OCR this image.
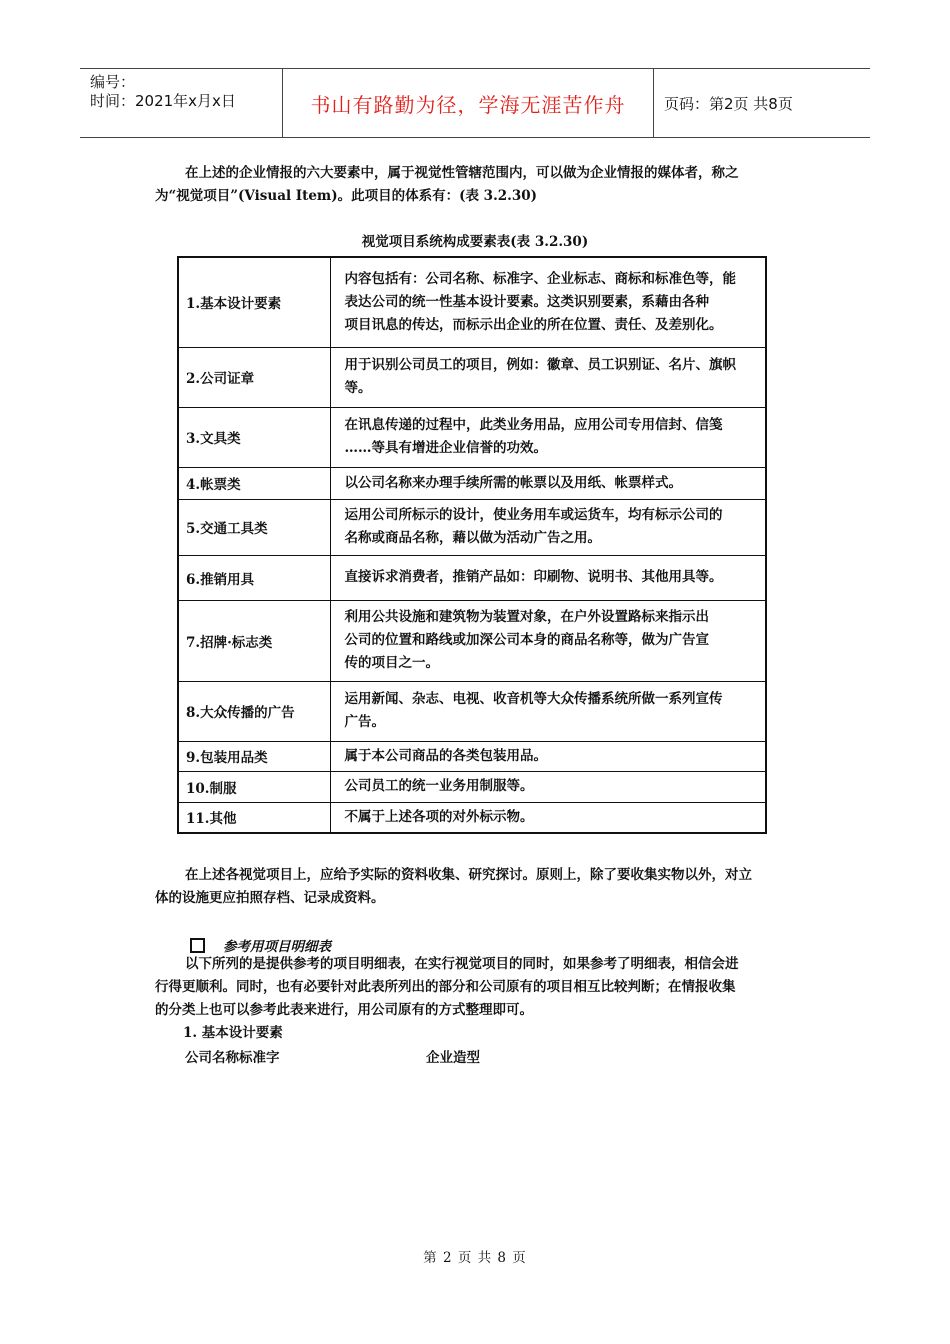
编号：
时间：2021年x月x日	书山有路勤为径，学海无涯苦作舟	页码：第2页 共8页
在上述的企业情报的六大要素中，属于视觉性管辖范围内，可以做为企业情报的媒体者，称之
为“视觉项目”(Visual Item)。此项目的体系有：(表 3.2.30)
视觉项目系统构成要素表(表 3.2.30)
1.基本设计要素	内容包括有：公司名称、标准字、企业标志、商标和标准色等，能
表达公司的统一性基本设计要素。这类识别要素，系藉由各种
项目讯息的传达，而标示出企业的所在位置、责任、及差别化。

2.公司证章	用于识别公司员工的项目，例如：徽章、员工识别证、名片、旗帜
等。

3.文具类	在讯息传递的过程中，此类业务用品，应用公司专用信封、信笺
……等具有增进企业信誉的功效。

4.帐票类	以公司名称来办理手续所需的帐票以及用纸、帐票样式。

5.交通工具类	运用公司所标示的设计，使业务用车或运货车，均有标示公司的
名称或商品名称，藉以做为活动广告之用。

6.推销用具	直接诉求消费者，推销产品如：印刷物、说明书、其他用具等。

7.招牌·标志类	利用公共设施和建筑物为装置对象，在户外设置路标来指示出
公司的位置和路线或加深公司本身的商品名称等，做为广告宣
传的项目之一。

8.大众传播的广告	运用新闻、杂志、电视、收音机等大众传播系统所做一系列宣传
广告。

9.包装用品类	属于本公司商品的各类包装用品。

10.制服	公司员工的统一业务用制服等。

11.其他	不属于上述各项的对外标示物。
在上述各视觉项目上，应给予实际的资料收集、研究探讨。原则上，除了要收集实物以外，对立
体的设施更应拍照存档、记录成资料。
参考用项目明细表
以下所列的是提供参考的项目明细表，在实行视觉项目的同时，如果参考了明细表，相信会进
行得更顺利。同时，也有必要针对此表所列出的部分和公司原有的项目相互比较判断；在情报收集
的分类上也可以参考此表来进行，用公司原有的方式整理即可。
1. 基本设计要素
公司名称标准字	企业造型
第 2 页 共 8 页
